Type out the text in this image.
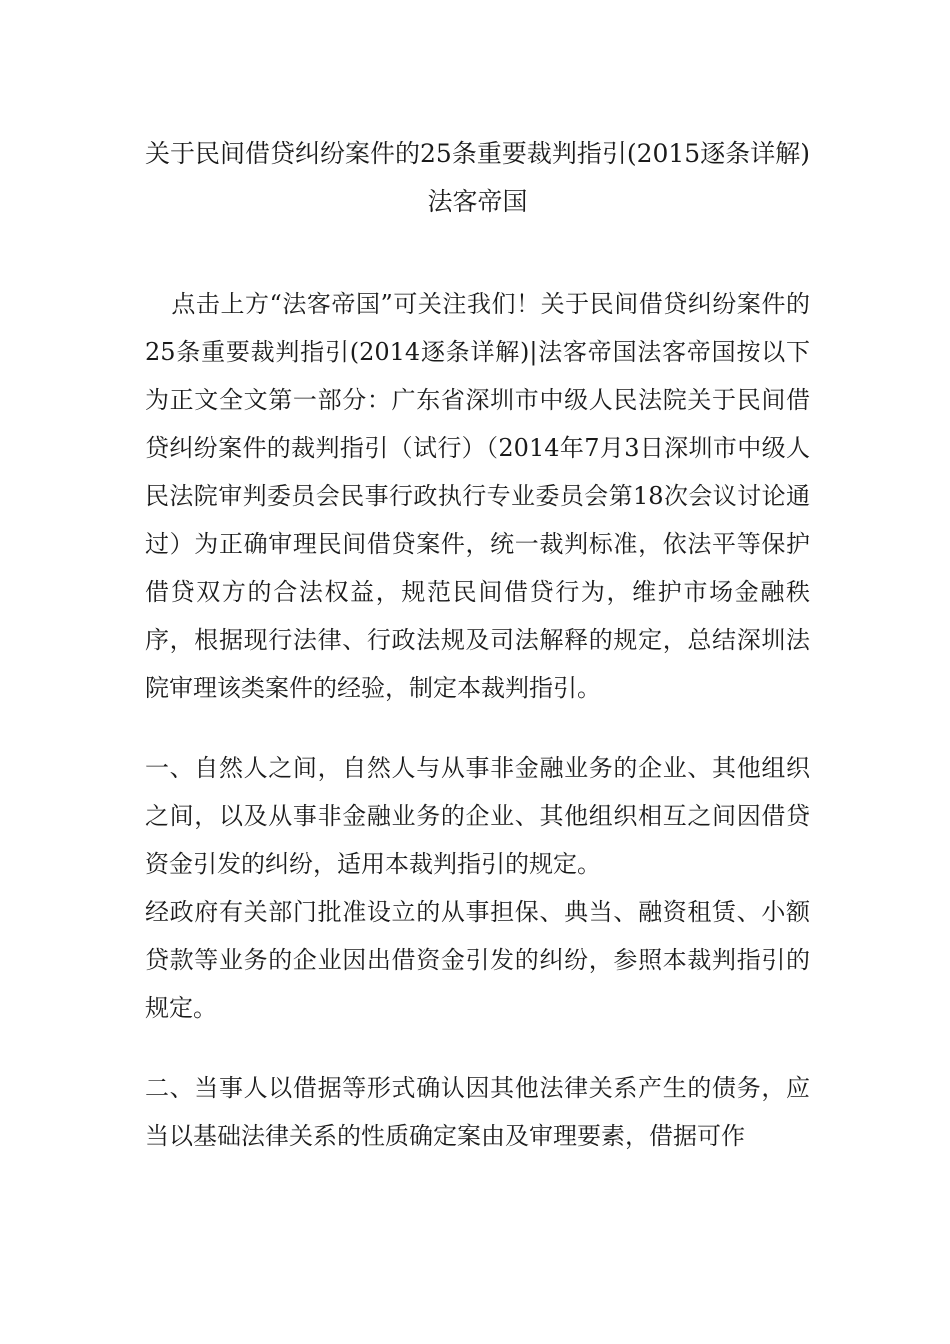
关于民间借贷纠纷案件的25条重要裁判指引(2015逐条详解)法客帝国

点击上方“法客帝国”可关注我们！关于民间借贷纠纷案件的25条重要裁判指引(2014逐条详解)|法客帝国法客帝国按以下为正文全文第一部分：广东省深圳市中级人民法院关于民间借贷纠纷案件的裁判指引（试行）（2014年7月3日深圳市中级人民法院审判委员会民事行政执行专业委员会第18次会议讨论通过）为正确审理民间借贷案件，统一裁判标准，依法平等保护借贷双方的合法权益，规范民间借贷行为，维护市场金融秩序，根据现行法律、行政法规及司法解释的规定，总结深圳法院审理该类案件的经验，制定本裁判指引。

一、自然人之间，自然人与从事非金融业务的企业、其他组织之间，以及从事非金融业务的企业、其他组织相互之间因借贷资金引发的纠纷，适用本裁判指引的规定。

经政府有关部门批准设立的从事担保、典当、融资租赁、小额贷款等业务的企业因出借资金引发的纠纷，参照本裁判指引的规定。

二、当事人以借据等形式确认因其他法律关系产生的债务，应当以基础法律关系的性质确定案由及审理要素，借据可作
